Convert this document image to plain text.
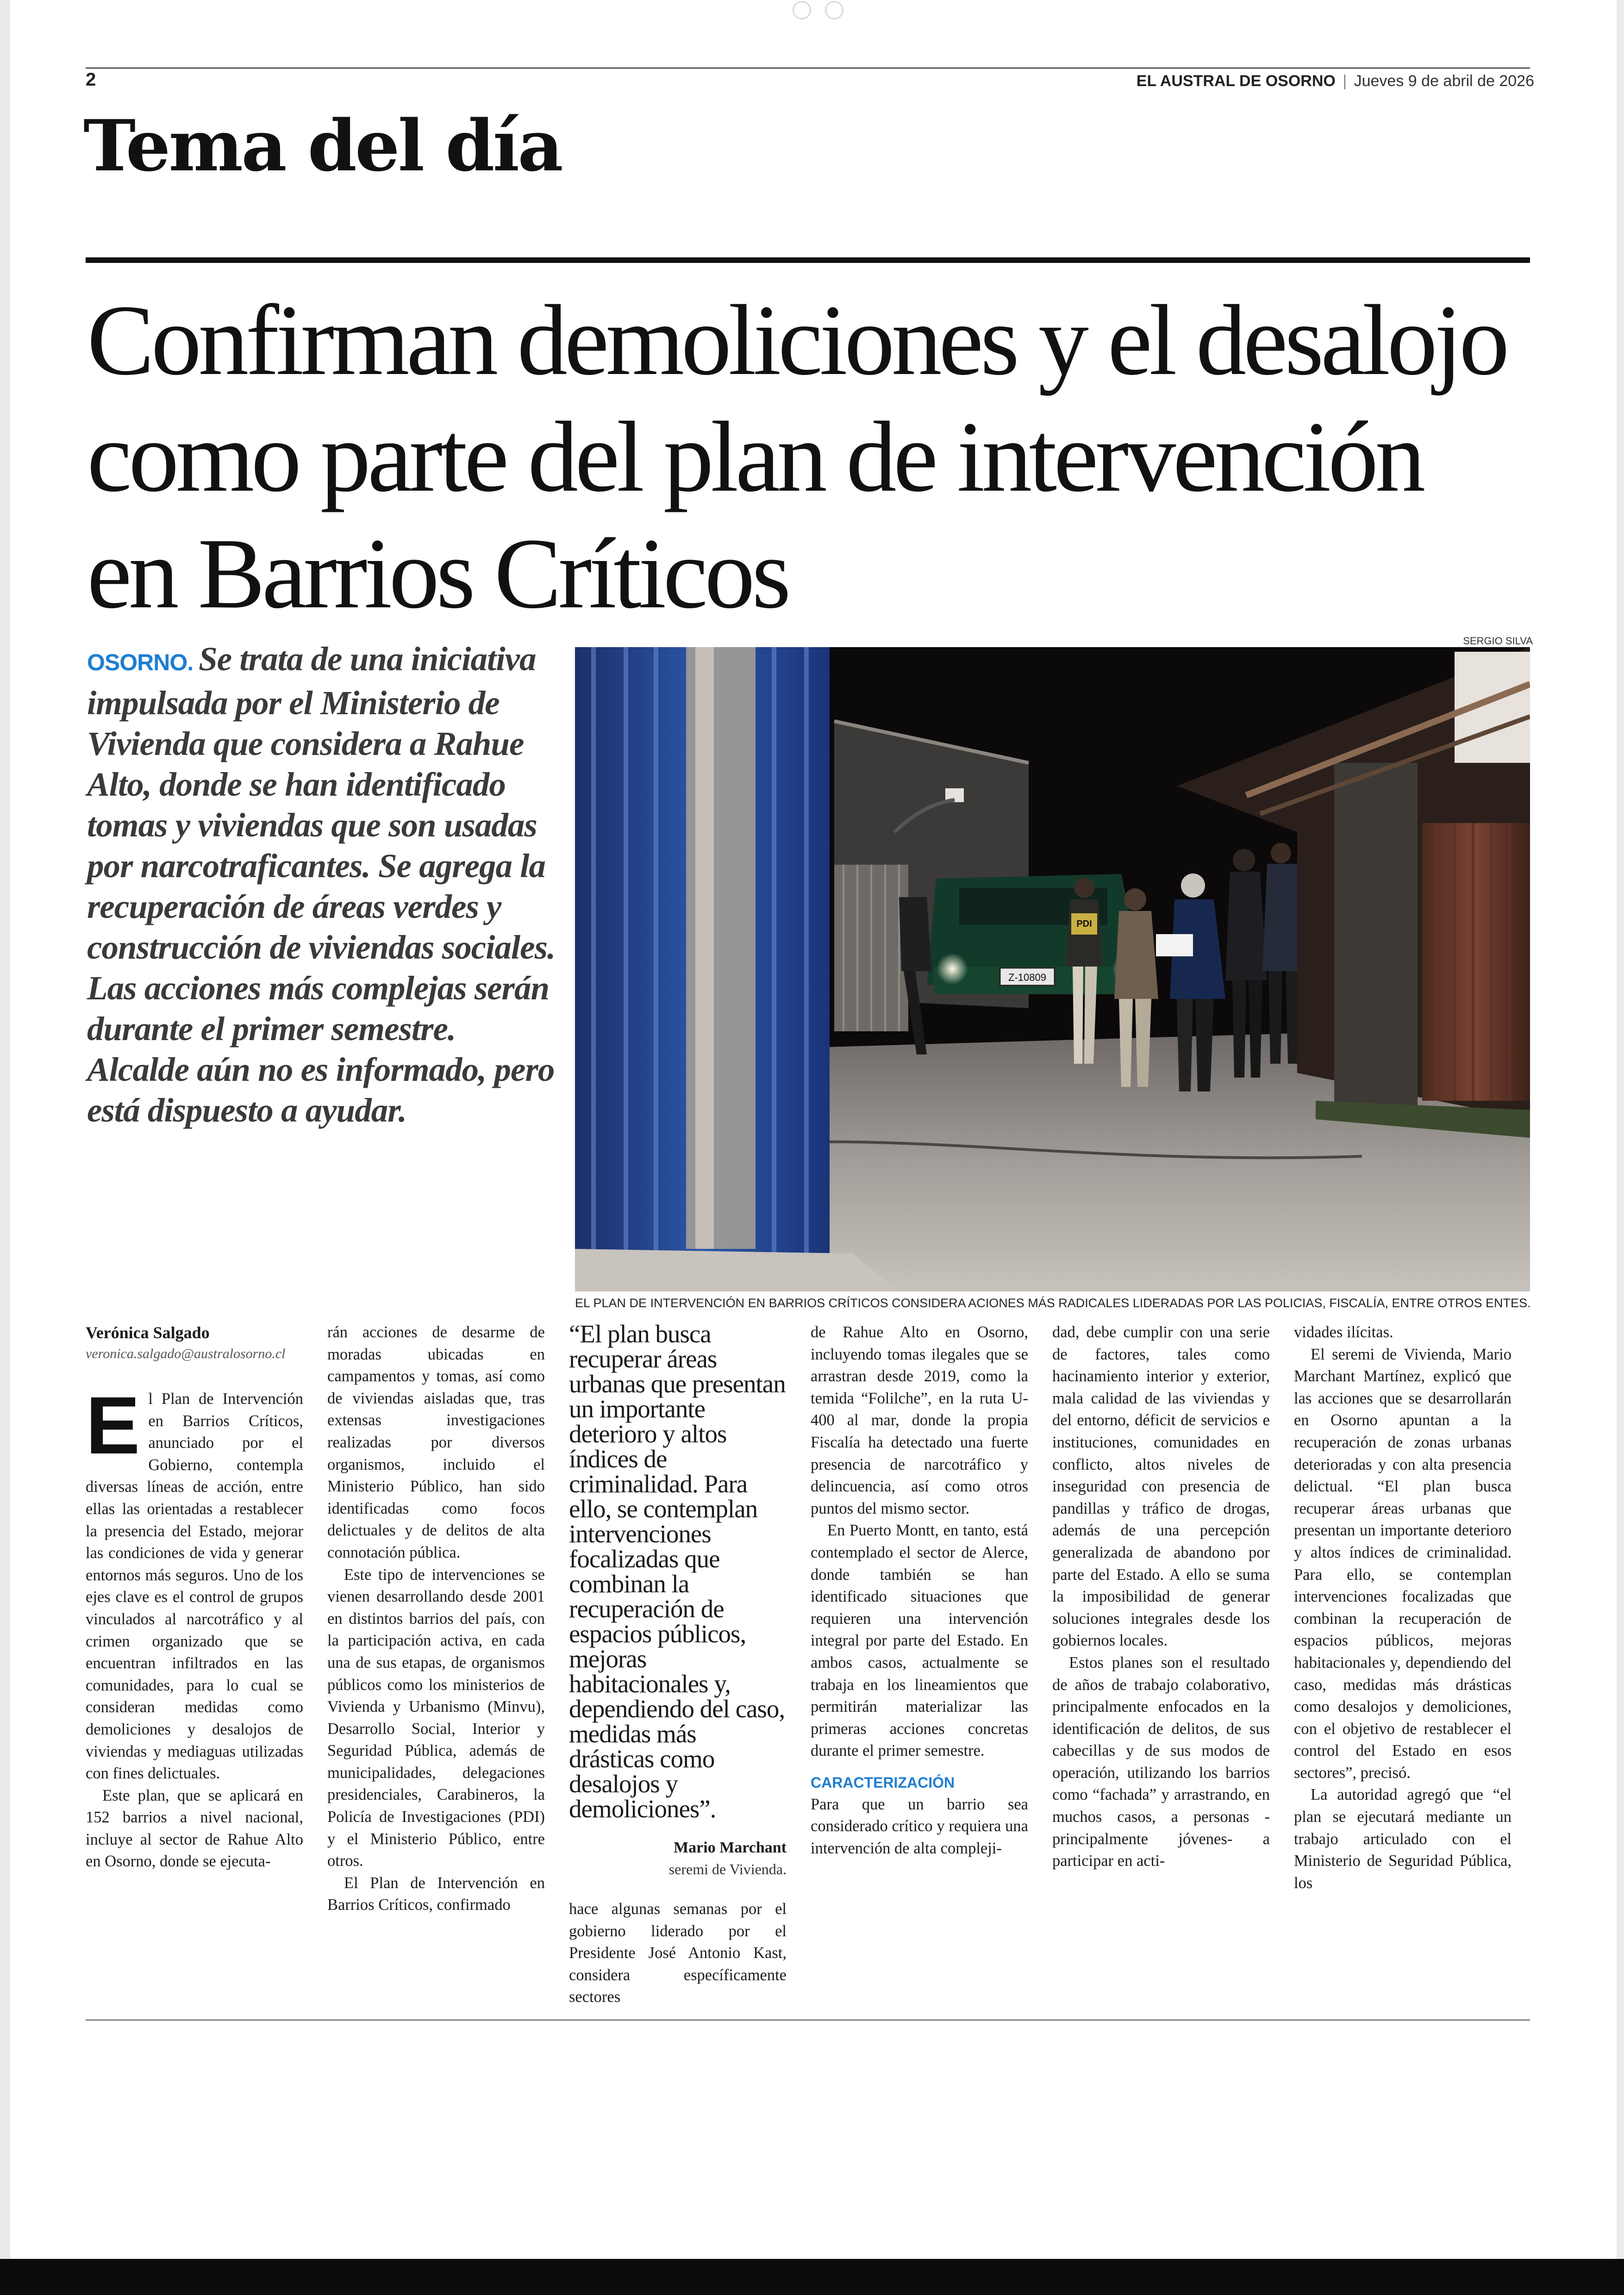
2	EL AUSTRAL DE OSORNO | Jueves 9 de abril de 2026
Tema del día
Confirman demoliciones y el desalojo como parte del plan de intervención en Barrios Críticos

OSORNO. Se trata de una iniciativa impulsada por el Ministerio de Vivienda que considera a Rahue Alto, donde se han identificado tomas y viviendas que son usadas por narcotraficantes. Se agrega la recuperación de áreas verdes y construcción de viviendas sociales. Las acciones más complejas serán durante el primer semestre. Alcalde aún no es informado, pero está dispuesto a ayudar.

SERGIO SILVA
Z-10809
PDI
EL PLAN DE INTERVENCIÓN EN BARRIOS CRÍTICOS CONSIDERA ACIONES MÁS RADICALES LIDERADAS POR LAS POLICIAS, FISCALÍA, ENTRE OTROS ENTES.
Verónica Salgado
veronica.salgado@australosorno.cl

El Plan de Intervención en Barrios Críticos, anunciado por el Gobierno, contempla diversas líneas de acción, entre ellas las orientadas a restablecer la presencia del Estado, mejorar las condiciones de vida y generar entornos más seguros. Uno de los ejes clave es el control de grupos vinculados al narcotráfico y al crimen organizado que se encuentran infiltrados en las comunidades, para lo cual se consideran medidas como demoliciones y desalojos de viviendas y mediaguas utilizadas con fines delictuales.

Este plan, que se aplicará en 152 barrios a nivel nacional, incluye al sector de Rahue Alto en Osorno, donde se ejecuta-

rán acciones de desarme de moradas ubicadas en campamentos y tomas, así como de viviendas aisladas que, tras extensas investigaciones realizadas por diversos organismos, incluido el Ministerio Público, han sido identificadas como focos delictuales y de delitos de alta connotación pública.

Este tipo de intervenciones se vienen desarrollando desde 2001 en distintos barrios del país, con la participación activa, en cada una de sus etapas, de organismos públicos como los ministerios de Vivienda y Urbanismo (Minvu), Desarrollo Social, Interior y Seguridad Pública, además de municipalidades, delegaciones presidenciales, Carabineros, la Policía de Investigaciones (PDI) y el Ministerio Público, entre otros.

El Plan de Intervención en Barrios Críticos, confirmado

“El plan busca recuperar áreas urbanas que presentan un importante deterioro y altos índices de criminalidad. Para ello, se contemplan intervenciones focalizadas que combinan la recuperación de espacios públicos, mejoras habitacionales y, dependiendo del caso, medidas más drásticas como desalojos y demoliciones”.
Mario Marchant
seremi de Vivienda.

hace algunas semanas por el gobierno liderado por el Presidente José Antonio Kast, considera específicamente sectores

de Rahue Alto en Osorno, incluyendo tomas ilegales que se arrastran desde 2019, como la temida “Folilche”, en la ruta U-400 al mar, donde la propia Fiscalía ha detectado una fuerte presencia de narcotráfico y delincuencia, así como otros puntos del mismo sector.

En Puerto Montt, en tanto, está contemplado el sector de Alerce, donde también se han identificado situaciones que requieren una intervención integral por parte del Estado. En ambos casos, actualmente se trabaja en los lineamientos que permitirán materializar las primeras acciones concretas durante el primer semestre.

CARACTERIZACIÓN

Para que un barrio sea considerado crítico y requiera una intervención de alta compleji-

dad, debe cumplir con una serie de factores, tales como hacinamiento interior y exterior, mala calidad de las viviendas y del entorno, déficit de servicios e instituciones, comunidades en conflicto, altos niveles de inseguridad con presencia de pandillas y tráfico de drogas, además de una percepción generalizada de abandono por parte del Estado. A ello se suma la imposibilidad de generar soluciones integrales desde los gobiernos locales.

Estos planes son el resultado de años de trabajo colaborativo, principalmente enfocados en la identificación de delitos, de sus cabecillas y de sus modos de operación, utilizando los barrios como “fachada” y arrastrando, en muchos casos, a personas -principalmente jóvenes- a participar en acti-

vidades ilícitas.

El seremi de Vivienda, Mario Marchant Martínez, explicó que las acciones que se desarrollarán en Osorno apuntan a la recuperación de zonas urbanas deterioradas y con alta presencia delictual. “El plan busca recuperar áreas urbanas que presentan un importante deterioro y altos índices de criminalidad. Para ello, se contemplan intervenciones focalizadas que combinan la recuperación de espacios públicos, mejoras habitacionales y, dependiendo del caso, medidas más drásticas como desalojos y demoliciones, con el objetivo de restablecer el control del Estado en esos sectores”, precisó.

La autoridad agregó que “el plan se ejecutará mediante un trabajo articulado con el Ministerio de Seguridad Pública, los
